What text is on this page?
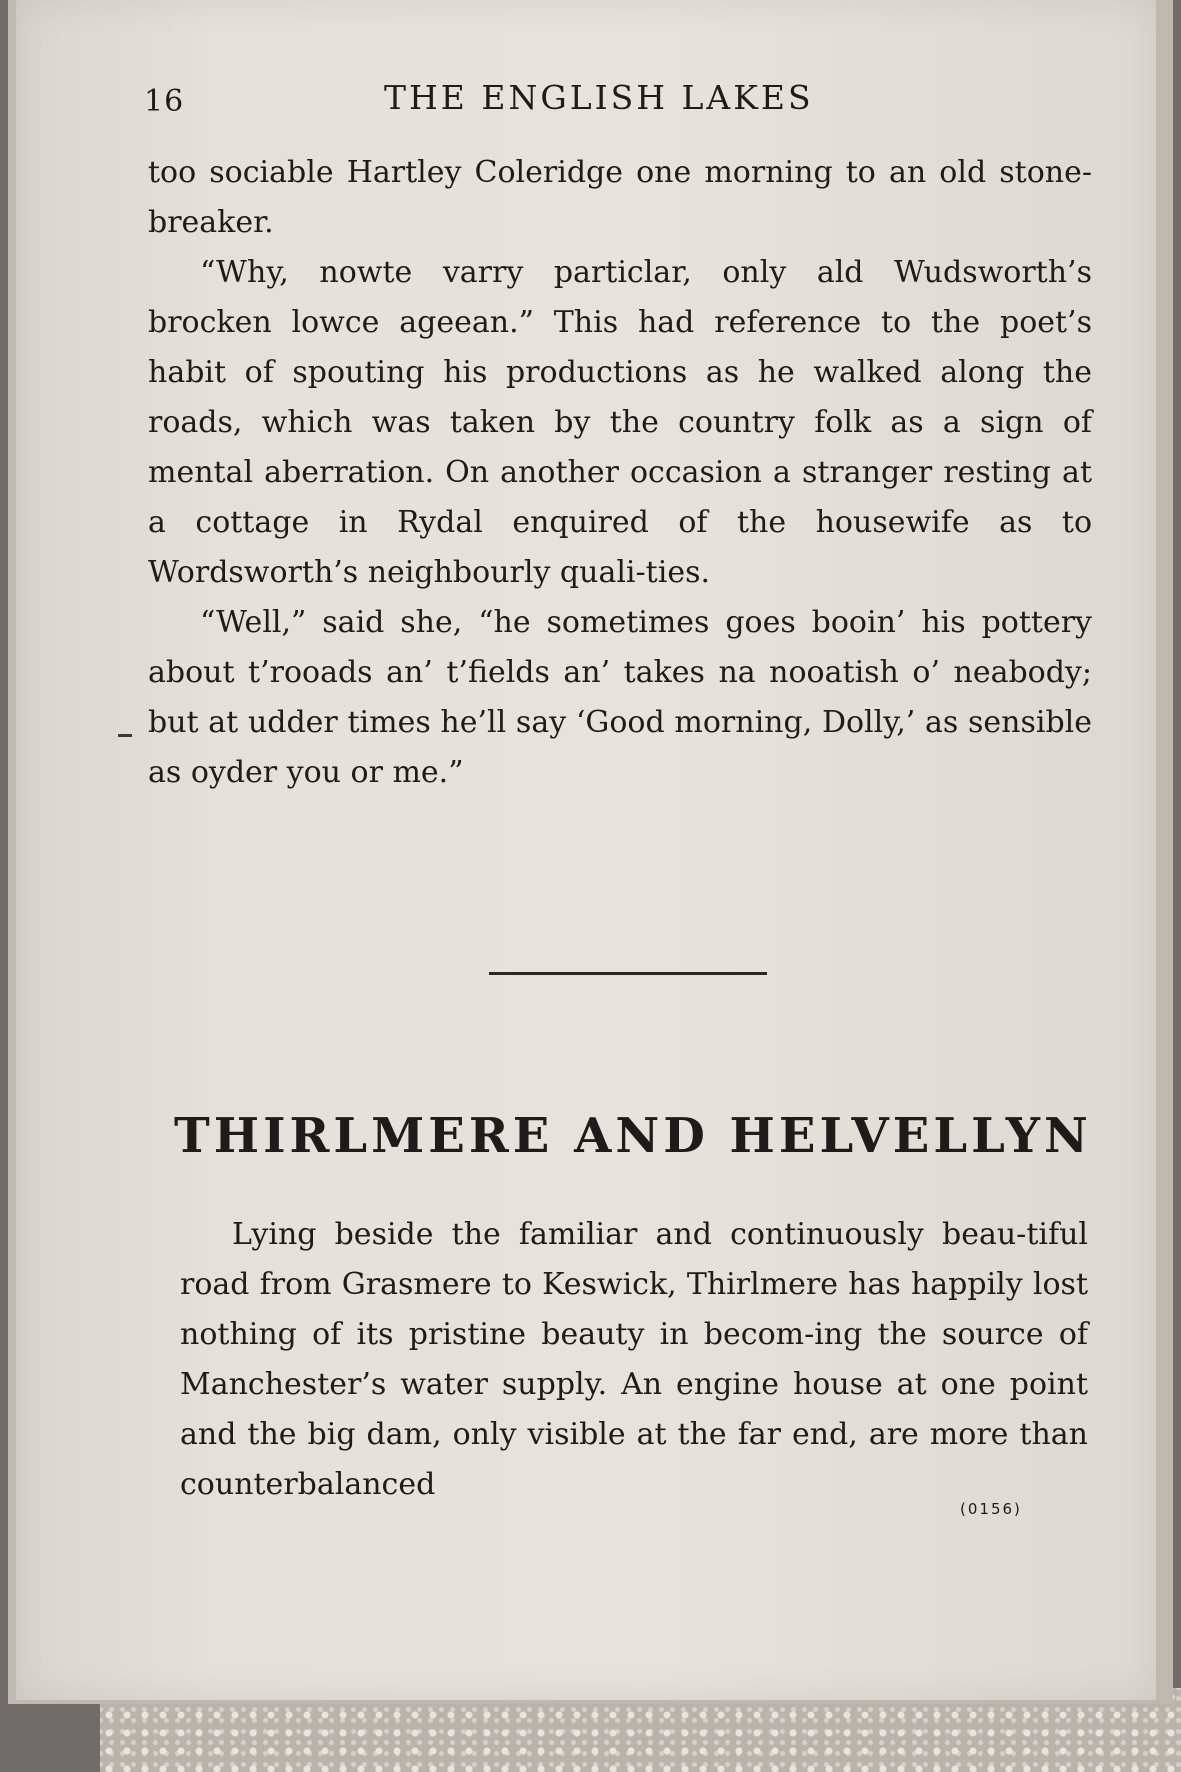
16	THE ENGLISH LAKES

too sociable Hartley Coleridge one morning to an old stone-breaker.

“Why, nowte varry particlar, only ald Wudsworth’s brocken lowce ageean.” This had reference to the poet’s habit of spouting his productions as he walked along the roads, which was taken by the country folk as a sign of mental aberration. On another occasion a stranger resting at a cottage in Rydal enquired of the housewife as to Wordsworth’s neighbourly quali-ties.

“Well,” said she, “he sometimes goes booin’ his pottery about t’rooads an’ t’fields an’ takes na nooatish o’ neabody; but at udder times he’ll say ‘Good morning, Dolly,’ as sensible as oyder you or me.”

THIRLMERE AND HELVELLYN

Lying beside the familiar and continuously beau-tiful road from Grasmere to Keswick, Thirlmere has happily lost nothing of its pristine beauty in becom-ing the source of Manchester’s water supply. An engine house at one point and the big dam, only visible at the far end, are more than counterbalanced

(0156)
